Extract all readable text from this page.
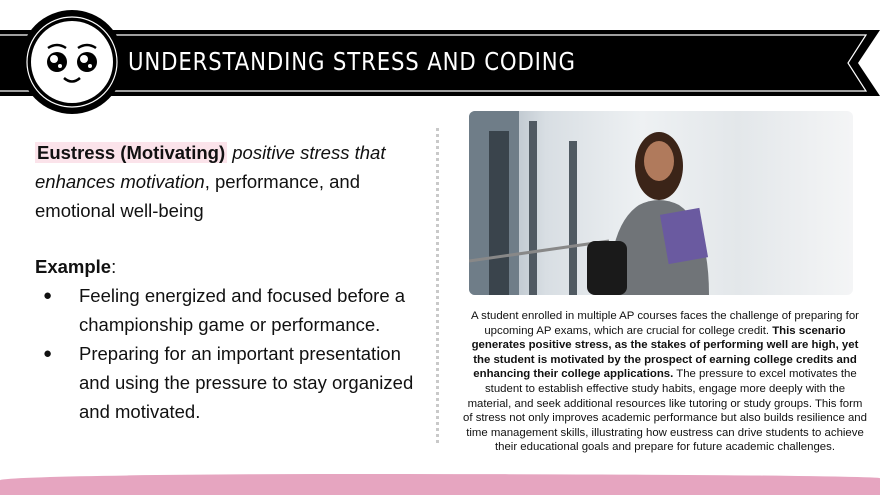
UNDERSTANDING STRESS AND CODING
Eustress (Motivating) positive stress that enhances motivation, performance, and emotional well-being
Example:
● Feeling energized and focused before a championship game or performance.
● Preparing for an important presentation and using the pressure to stay organized and motivated.
A student enrolled in multiple AP courses faces the challenge of preparing for upcoming AP exams, which are crucial for college credit. This scenario generates positive stress, as the stakes of performing well are high, yet the student is motivated by the prospect of earning college credits and enhancing their college applications. The pressure to excel motivates the student to establish effective study habits, engage more deeply with the material, and seek additional resources like tutoring or study groups. This form of stress not only improves academic performance but also builds resilience and time management skills, illustrating how eustress can drive students to achieve their educational goals and prepare for future academic challenges.
